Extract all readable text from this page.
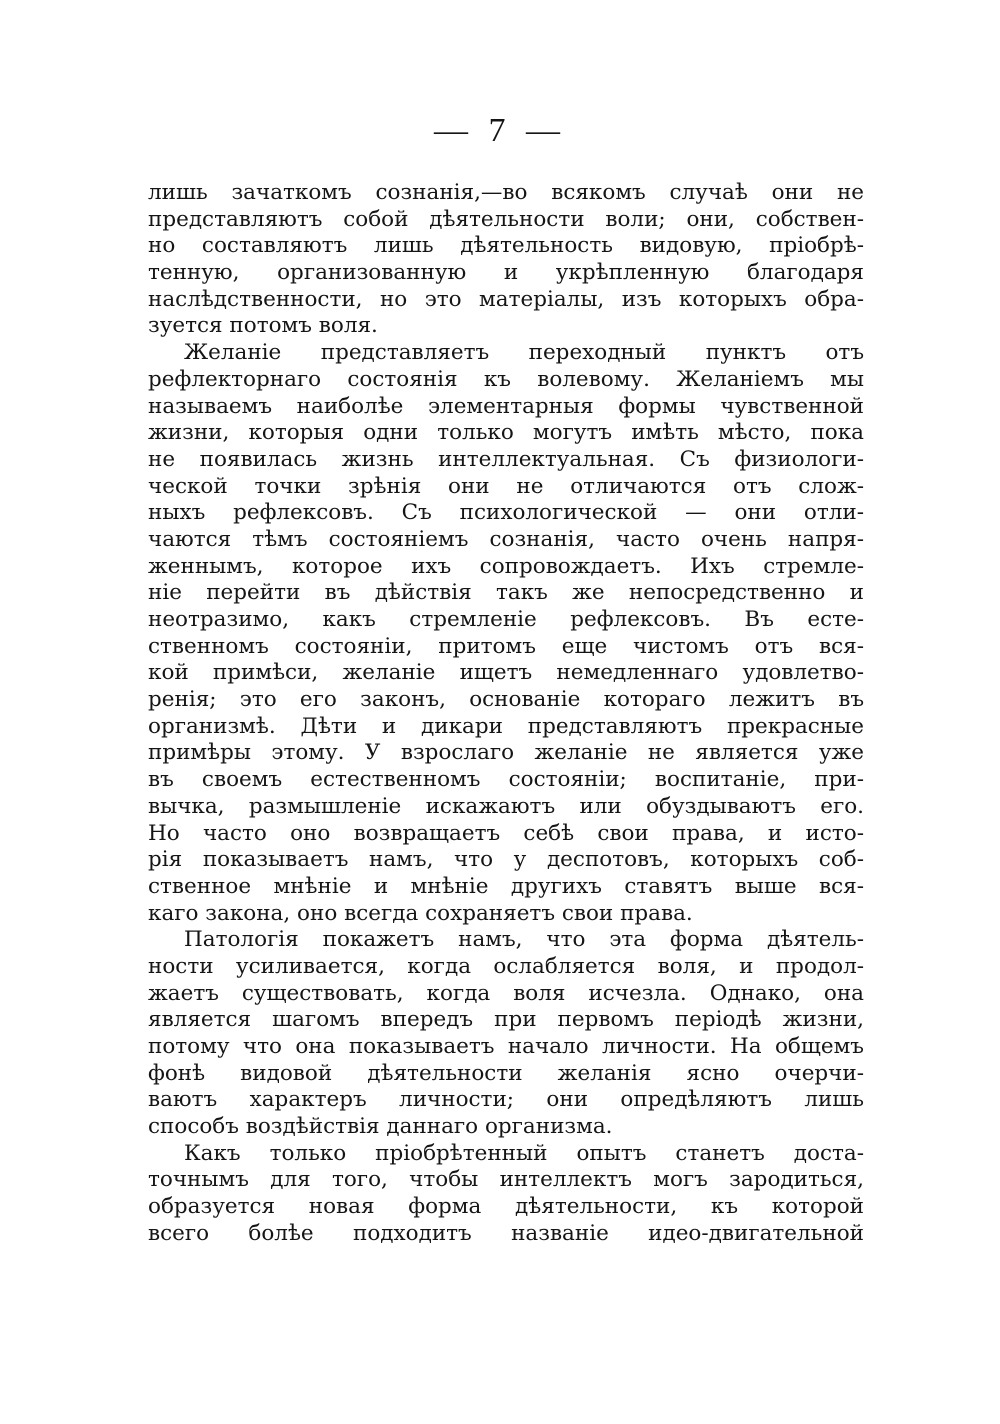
— 7 —

лишь зачаткомъ сознанія,—во всякомъ случаѣ они не
представляютъ собой дѣятельности воли; они, собствен-
но составляютъ лишь дѣятельность видовую, пріобрѣ-
тенную, организованную и укрѣпленную благодаря
наслѣдственности, но это матеріалы, изъ которыхъ обра-
зуется потомъ воля.

Желаніе представляетъ переходный пунктъ отъ
рефлекторнаго состоянія къ волевому. Желаніемъ мы
называемъ наиболѣе элементарныя формы чувственной
жизни, которыя одни только могутъ имѣть мѣсто, пока
не появилась жизнь интеллектуальная. Съ физиологи-
ческой точки зрѣнія они не отличаются отъ слож-
ныхъ рефлексовъ. Съ психологической — они отли-
чаются тѣмъ состояніемъ сознанія, часто очень напря-
женнымъ, которое ихъ сопровождаетъ. Ихъ стремле-
ніе перейти въ дѣйствія такъ же непосредственно и
неотразимо, какъ стремленіе рефлексовъ. Въ есте-
ственномъ состояніи, притомъ еще чистомъ отъ вся-
кой примѣси, желаніе ищетъ немедленнаго удовлетво-
ренія; это его законъ, основаніе котораго лежитъ въ
организмѣ. Дѣти и дикари представляютъ прекрасные
примѣры этому. У взрослаго желаніе не является уже
въ своемъ естественномъ состояніи; воспитаніе, при-
вычка, размышленіе искажаютъ или обуздываютъ его.
Но часто оно возвращаетъ себѣ свои права, и исто-
рія показываетъ намъ, что у деспотовъ, которыхъ соб-
ственное мнѣніе и мнѣніе другихъ ставятъ выше вся-
каго закона, оно всегда сохраняетъ свои права.

Патологія покажетъ намъ, что эта форма дѣятель-
ности усиливается, когда ослабляется воля, и продол-
жаетъ существовать, когда воля исчезла. Однако, она
является шагомъ впередъ при первомъ періодѣ жизни,
потому что она показываетъ начало личности. На общемъ
фонѣ видовой дѣятельности желанія ясно очерчи-
ваютъ характеръ личности; они опредѣляютъ лишь
способъ воздѣйствія даннаго организма.

Какъ только пріобрѣтенный опытъ станетъ доста-
точнымъ для того, чтобы интеллектъ могъ зародиться,
образуется новая форма дѣятельности, къ которой
всего болѣе подходитъ названіе идео-двигательной
